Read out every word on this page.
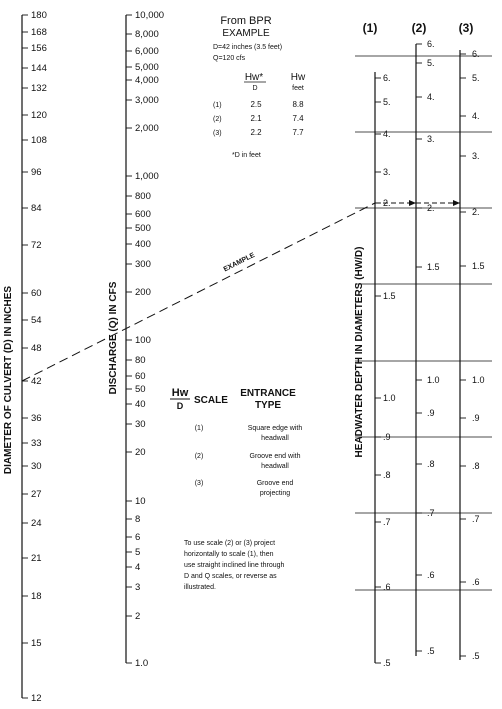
180
168
156
144
132
120
108
96
84
72
60
54
48
42
36
33
30
27
24
21
18
15
12
DIAMETER OF CULVERT (D) IN INCHES
10,000
8,000
6,000
5,000
4,000
3,000
2,000
1,000
800
600
500
400
300
200
100
80
60
50
40
30
20
10
8
6
5
4
3
2
1.0
DISCHARGE (Q) IN CFS
(1)	(2)	(3)
6.
5.
4.
3.
2.
1.5
1.0
.9
.8
.7
.6
.5
6.
5.
4.
3.
2.
1.5
1.0
.9
.8
.7
.6
.5
6.
5.
4.
3.
2.
1.5
1.0
.9
.8
.7
.6
.5
HEADWATER DEPTH IN DIAMETERS (HW/D)
EXAMPLE
From BPR
EXAMPLE
D=42 inches (3.5 feet)
Q=120 cfs
Hw*
D
Hw
feet
(1)	2.5	8.8
(2)	2.1	7.4
(3)	2.2	7.7
*D in feet
Hw
D SCALE
ENTRANCE
TYPE
(1)	Square edge with
headwall
(2)	Groove end with
headwall
(3)	Groove end
projecting
To use scale (2) or (3) project
horizontally to scale (1), then
use straight inclined line through
D and Q scales, or reverse as
illustrated.
